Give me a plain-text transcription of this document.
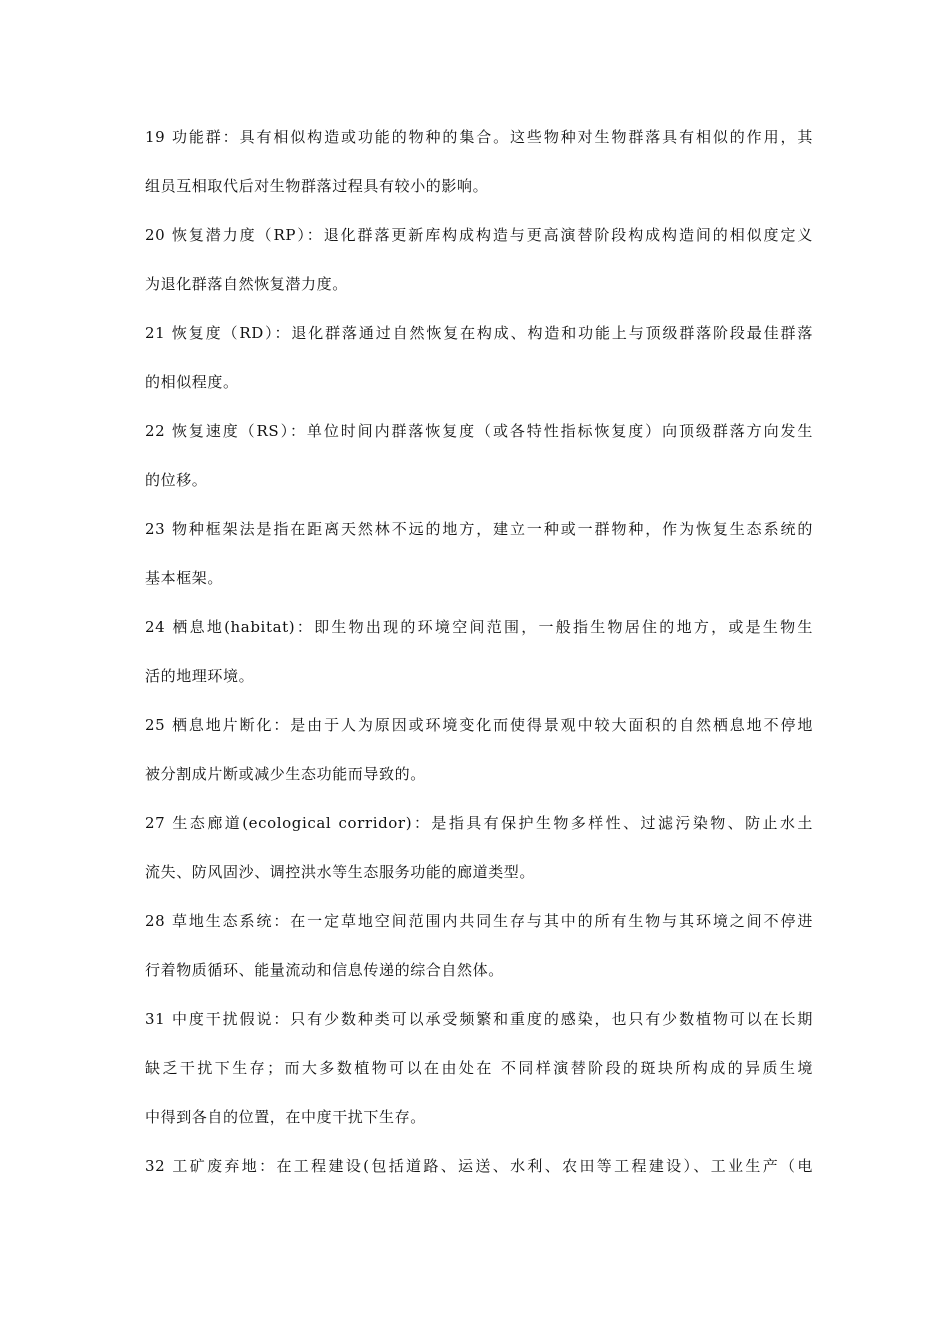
19 功能群：具有相似构造或功能的物种的集合。这些物种对生物群落具有相似的作用，其
组员互相取代后对生物群落过程具有较小的影响。
20 恢复潜力度（RP）：退化群落更新库构成构造与更高演替阶段构成构造间的相似度定义
为退化群落自然恢复潜力度。
21 恢复度（RD）：退化群落通过自然恢复在构成、构造和功能上与顶级群落阶段最佳群落
的相似程度。
22 恢复速度（RS）：单位时间内群落恢复度（或各特性指标恢复度）向顶级群落方向发生
的位移。
23 物种框架法是指在距离天然林不远的地方，建立一种或一群物种，作为恢复生态系统的
基本框架。
24 栖息地(habitat)：即生物出现的环境空间范围，一般指生物居住的地方，或是生物生
活的地理环境。
25 栖息地片断化：是由于人为原因或环境变化而使得景观中较大面积的自然栖息地不停地
被分割成片断或减少生态功能而导致的。
27 生态廊道(ecological corridor)：是指具有保护生物多样性、过滤污染物、防止水土
流失、防风固沙、调控洪水等生态服务功能的廊道类型。
28 草地生态系统：在一定草地空间范围内共同生存与其中的所有生物与其环境之间不停进
行着物质循环、能量流动和信息传递的综合自然体。
31 中度干扰假说：只有少数种类可以承受频繁和重度的感染，也只有少数植物可以在长期
缺乏干扰下生存；而大多数植物可以在由处在 不同样演替阶段的斑块所构成的异质生境
中得到各自的位置，在中度干扰下生存。
32 工矿废弃地：在工程建设(包括道路、运送、水利、农田等工程建设）、工业生产（电
